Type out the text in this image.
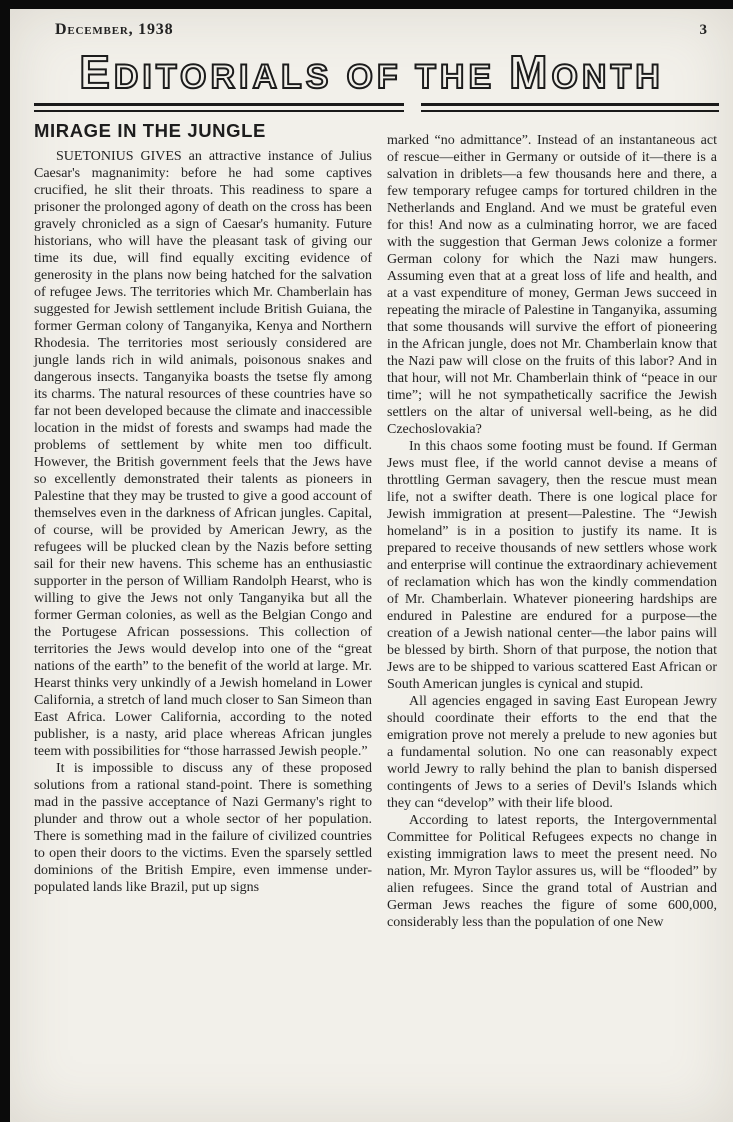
December, 1938	3
EDITORIALS OF THE MONTH
MIRAGE IN THE JUNGLE

SUETONIUS GIVES an attractive instance of Julius Caesar's magnanimity: before he had some captives crucified, he slit their throats. This readiness to spare a prisoner the prolonged agony of death on the cross has been gravely chronicled as a sign of Caesar's humanity. Future historians, who will have the pleasant task of giving our time its due, will find equally exciting evidence of generosity in the plans now being hatched for the salvation of refugee Jews. The territories which Mr. Chamberlain has suggested for Jewish settlement include British Guiana, the former German colony of Tanganyika, Kenya and Northern Rhodesia. The territories most seriously considered are jungle lands rich in wild animals, poisonous snakes and dangerous insects. Tanganyika boasts the tsetse fly among its charms. The natural resources of these countries have so far not been developed because the climate and inaccessible location in the midst of forests and swamps had made the problems of settlement by white men too difficult. However, the British government feels that the Jews have so excellently demonstrated their talents as pioneers in Palestine that they may be trusted to give a good account of themselves even in the darkness of African jungles. Capital, of course, will be provided by American Jewry, as the refugees will be plucked clean by the Nazis before setting sail for their new havens. This scheme has an enthusiastic supporter in the person of William Randolph Hearst, who is willing to give the Jews not only Tanganyika but all the former German colonies, as well as the Belgian Congo and the Portugese African possessions. This collection of territories the Jews would develop into one of the “great nations of the earth” to the benefit of the world at large. Mr. Hearst thinks very unkindly of a Jewish homeland in Lower California, a stretch of land much closer to San Simeon than East Africa. Lower California, according to the noted publisher, is a nasty, arid place whereas African jungles teem with possibilities for “those harrassed Jewish people.”

It is impossible to discuss any of these proposed solutions from a rational stand-point. There is something mad in the passive acceptance of Nazi Germany's right to plunder and throw out a whole sector of her population. There is something mad in the failure of civilized countries to open their doors to the victims. Even the sparsely settled dominions of the British Empire, even immense under-populated lands like Brazil, put up signs

marked “no admittance”. Instead of an instantaneous act of rescue—either in Germany or outside of it—there is a salvation in driblets—a few thousands here and there, a few temporary refugee camps for tortured children in the Netherlands and England. And we must be grateful even for this! And now as a culminating horror, we are faced with the suggestion that German Jews colonize a former German colony for which the Nazi maw hungers. Assuming even that at a great loss of life and health, and at a vast expenditure of money, German Jews succeed in repeating the miracle of Palestine in Tanganyika, assuming that some thousands will survive the effort of pioneering in the African jungle, does not Mr. Chamberlain know that the Nazi paw will close on the fruits of this labor? And in that hour, will not Mr. Chamberlain think of “peace in our time”; will he not sympathetically sacrifice the Jewish settlers on the altar of universal well-being, as he did Czechoslovakia?

In this chaos some footing must be found. If German Jews must flee, if the world cannot devise a means of throttling German savagery, then the rescue must mean life, not a swifter death. There is one logical place for Jewish immigration at present—Palestine. The “Jewish homeland” is in a position to justify its name. It is prepared to receive thousands of new settlers whose work and enterprise will continue the extraordinary achievement of reclamation which has won the kindly commendation of Mr. Chamberlain. Whatever pioneering hardships are endured in Palestine are endured for a purpose—the creation of a Jewish national center—the labor pains will be blessed by birth. Shorn of that purpose, the notion that Jews are to be shipped to various scattered East African or South American jungles is cynical and stupid.

All agencies engaged in saving East European Jewry should coordinate their efforts to the end that the emigration prove not merely a prelude to new agonies but a fundamental solution. No one can reasonably expect world Jewry to rally behind the plan to banish dispersed contingents of Jews to a series of Devil's Islands which they can “develop” with their life blood.

According to latest reports, the Intergovernmental Committee for Political Refugees expects no change in existing immigration laws to meet the present need. No nation, Mr. Myron Taylor assures us, will be “flooded” by alien refugees. Since the grand total of Austrian and German Jews reaches the figure of some 600,000, considerably less than the population of one New
